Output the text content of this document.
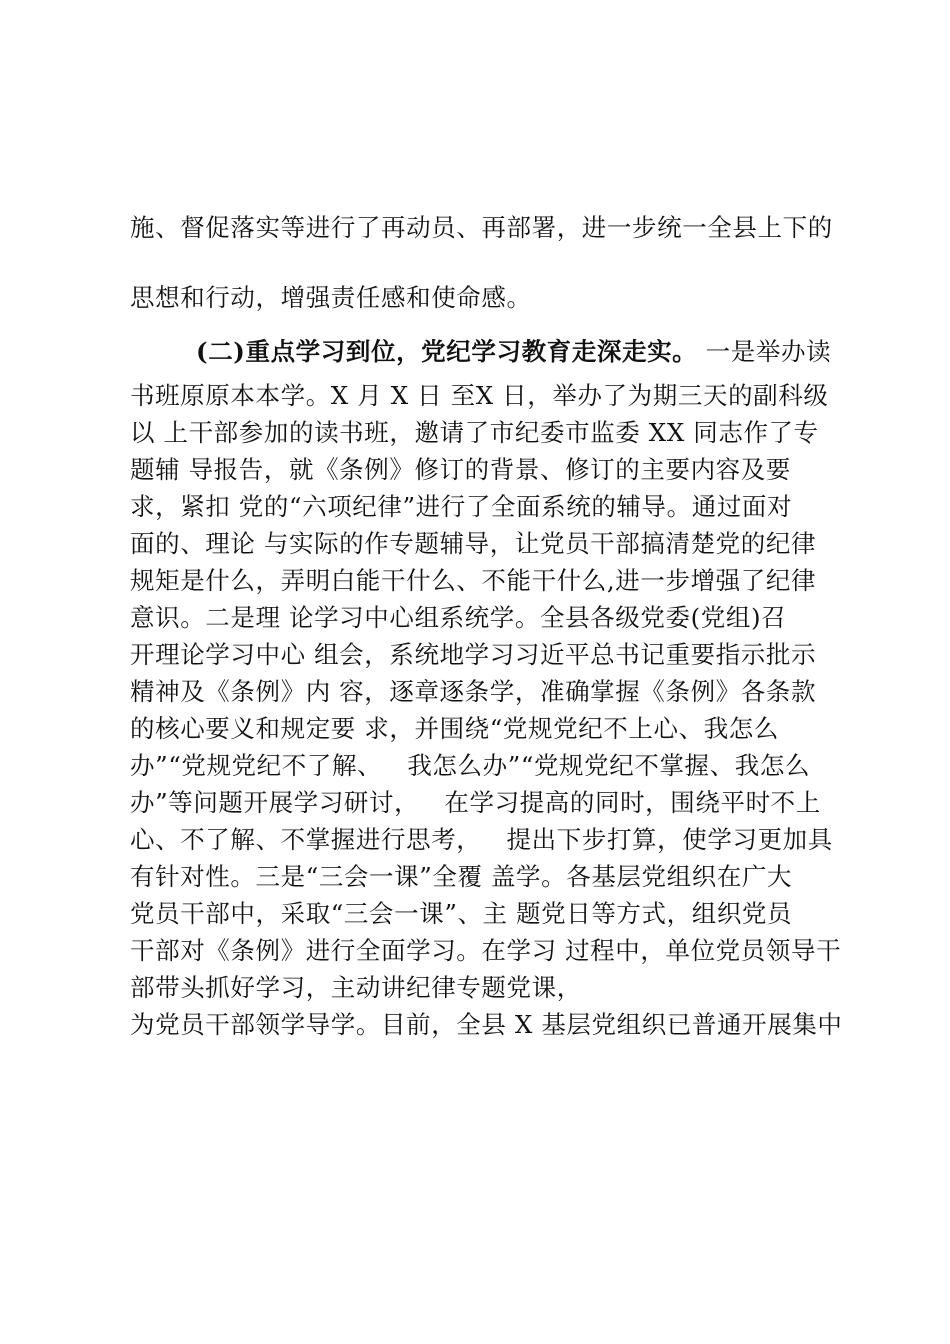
施、督促落实等进行了再动员、再部署，进一步统一全县上下的
思想和行动，增强责任感和使命感。
(二)重点学习到位，党纪学习教育走深走实。 一是举办读
书班原原本本学。X 月 X 日 至X 日，举办了为期三天的副科级
以 上干部参加的读书班，邀请了市纪委市监委 XX 同志作了专
题辅 导报告，就《条例》修订的背景、修订的主要内容及要
求，紧扣 党的“六项纪律”进行了全面系统的辅导。通过面对
面的、理论 与实际的作专题辅导，让党员干部搞清楚党的纪律
规矩是什么，弄明白能干什么、不能干什么,进一步增强了纪律
意识。二是理 论学习中心组系统学。全县各级党委(党组)召
开理论学习中心 组会，系统地学习习近平总书记重要指示批示
精神及《条例》内 容，逐章逐条学，准确掌握《条例》各条款
的核心要义和规定要 求，并围绕“党规党纪不上心、我怎么
办”“党规党纪不了解、   我怎么办”“党规党纪不掌握、我怎么
办”等问题开展学习研讨，   在学习提高的同时，围绕平时不上
心、不了解、不掌握进行思考，   提出下步打算，使学习更加具
有针对性。三是“三会一课”全覆 盖学。各基层党组织在广大
党员干部中，采取“三会一课”、主 题党日等方式，组织党员
干部对《条例》进行全面学习。在学习 过程中，单位党员领导干
部带头抓好学习，主动讲纪律专题党课，
为党员干部领学导学。目前，全县 X 基层党组织已普通开展集中
